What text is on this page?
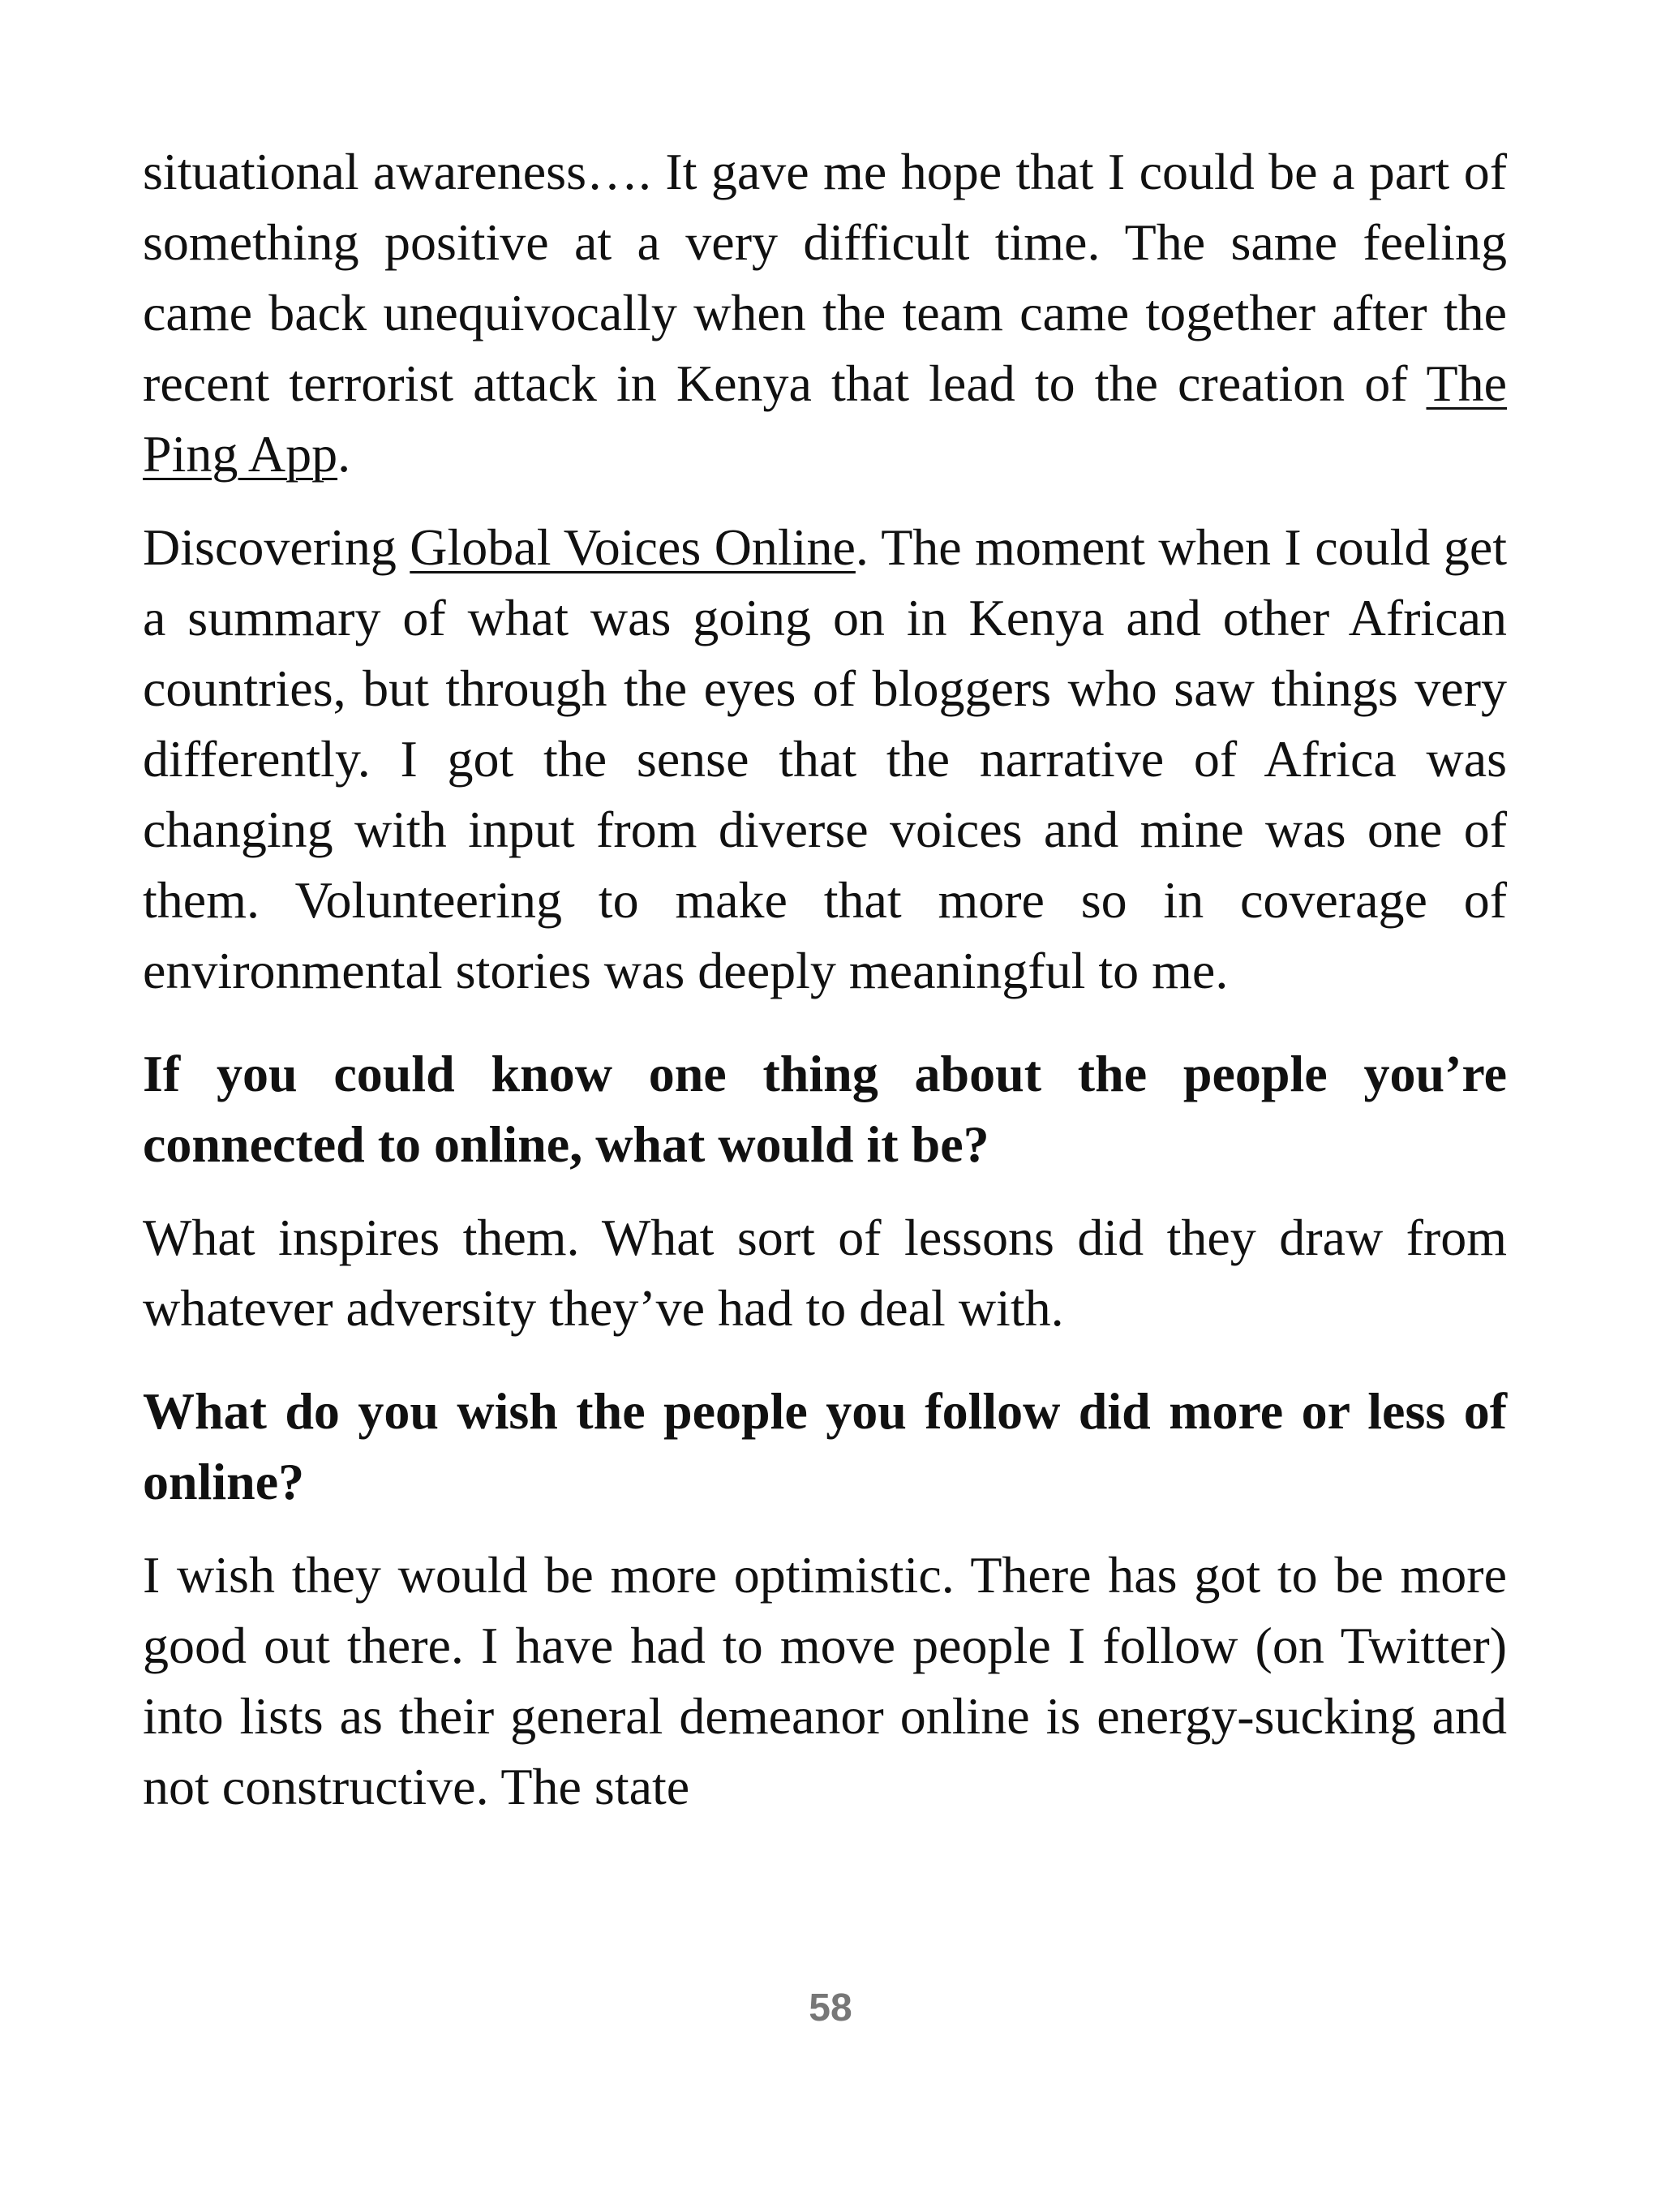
situational awareness…. It gave me hope that I could be a part of something positive at a very difficult time. The same feeling came back unequivocally when the team came together after the recent terrorist attack in Kenya that lead to the creation of The Ping App.

Discovering Global Voices Online. The moment when I could get a summary of what was going on in Kenya and other African countries, but through the eyes of bloggers who saw things very differently. I got the sense that the narrative of Africa was changing with input from diverse voices and mine was one of them. Volunteering to make that more so in coverage of environmental stories was deeply meaningful to me.

If you could know one thing about the people you’re connected to online, what would it be?

What inspires them. What sort of lessons did they draw from whatever adversity they’ve had to deal with.

What do you wish the people you follow did more or less of online?

I wish they would be more optimistic. There has got to be more good out there. I have had to move people I follow (on Twitter) into lists as their general demeanor online is energy-sucking and not constructive. The state

58
